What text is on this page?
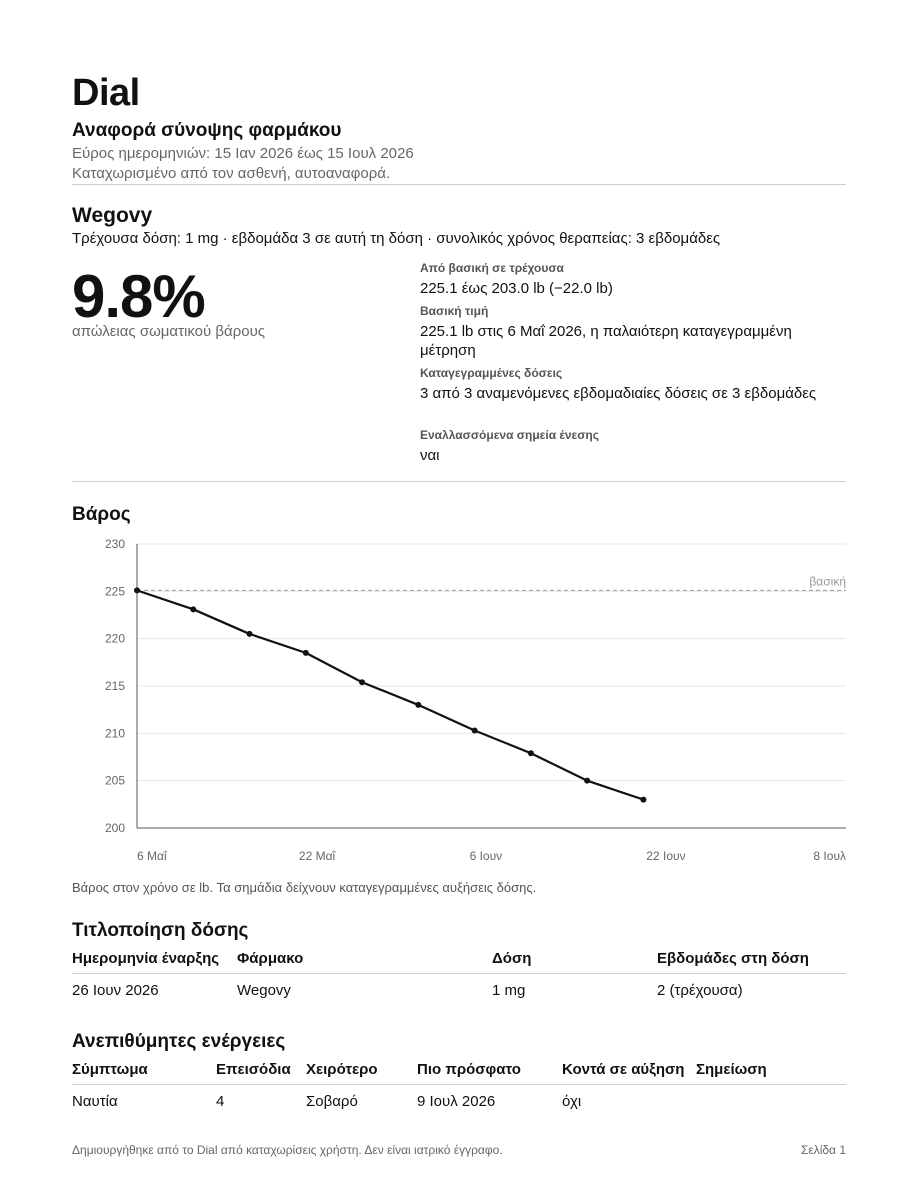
Dial
Αναφορά σύνοψης φαρμάκου
Εύρος ημερομηνιών: 15 Ιαν 2026 έως 15 Ιουλ 2026
Καταχωρισμένο από τον ασθενή, αυτοαναφορά.
Wegovy
Τρέχουσα δόση: 1 mg · εβδομάδα 3 σε αυτή τη δόση · συνολικός χρόνος θεραπείας: 3 εβδομάδες
9.8%
απώλειας σωματικού βάρους
Από βασική σε τρέχουσα
225.1 έως 203.0 lb (−22.0 lb)
Βασική τιμή
225.1 lb στις 6 Μαΐ 2026, η παλαιότερη καταγεγραμμένη μέτρηση
Καταγεγραμμένες δόσεις
3 από 3 αναμενόμενες εβδομαδιαίες δόσεις σε 3 εβδομάδες
Εναλλασσόμενα σημεία ένεσης
ναι
Βάρος
200
205
210
215
220
225
230
6 Μαΐ	22 Μαΐ	6 Ιουν	22 Ιουν	8 Ιουλ
βασική
Βάρος στον χρόνο σε lb. Τα σημάδια δείχνουν καταγεγραμμένες αυξήσεις δόσης.
Τιτλοποίηση δόσης
Ημερομηνία έναρξης	Φάρμακο	Δόση	Εβδομάδες στη δόση
26 Ιουν 2026	Wegovy	1 mg	2 (τρέχουσα)
Ανεπιθύμητες ενέργειες
Σύμπτωμα	Επεισόδια	Χειρότερο	Πιο πρόσφατο	Κοντά σε αύξηση	Σημείωση
Ναυτία	4	Σοβαρό	9 Ιουλ 2026	όχι	
Δημιουργήθηκε από το Dial από καταχωρίσεις χρήστη. Δεν είναι ιατρικό έγγραφο.	Σελίδα 1
